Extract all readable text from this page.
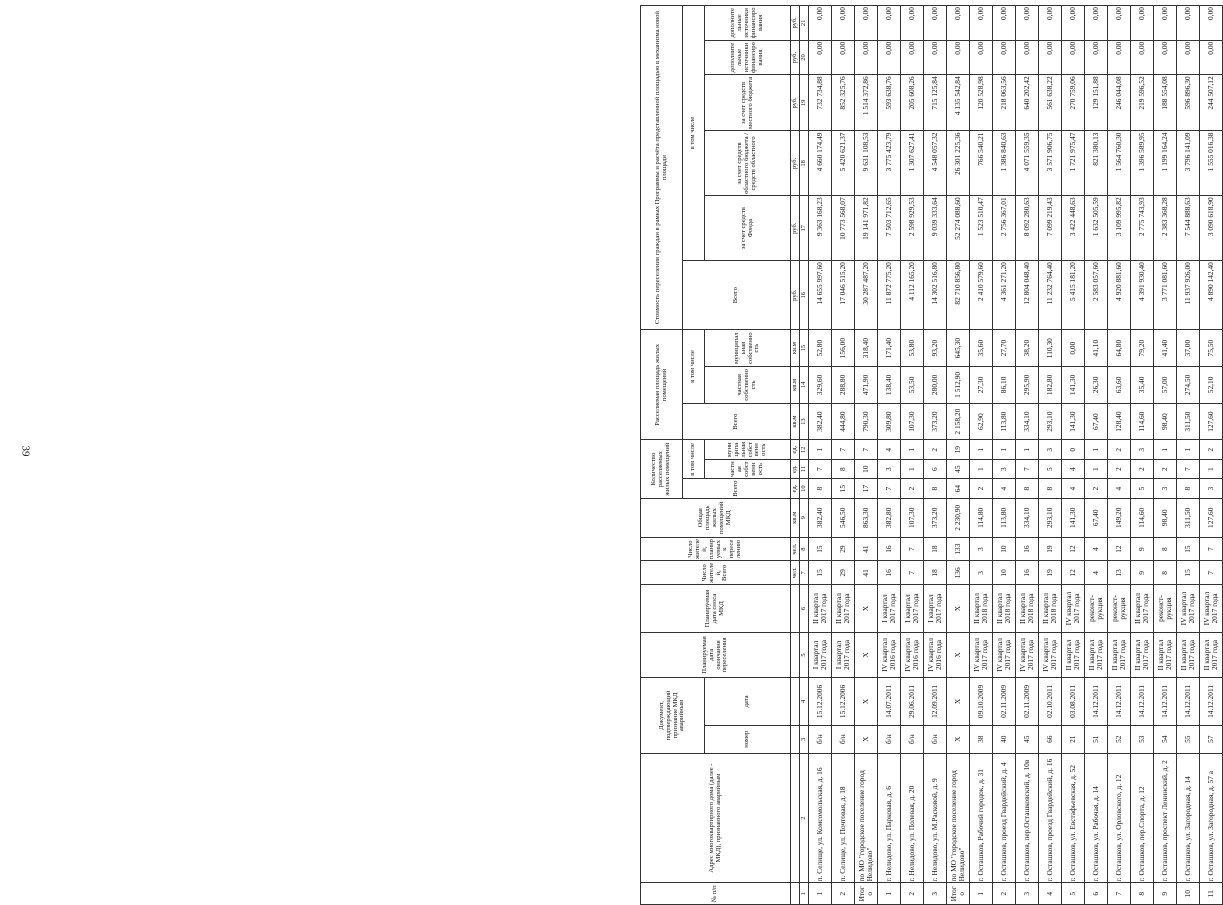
39
№ п/п	Адрес многоквартирного дома (далее - МКД), признанного аварийным	Документ, подтверждающий признание МКД аварийным		Планируемая дата окончания переселения	Планируемая дата сноса МКД	Число жителей, Всего	Число жителей, планируемых к переселению	Общая площадь жилых помещений МКД	Количество расселяемых жилых помещений			Расселяемая площадь жилых помещений			Стоимость переселения граждан в рамках Программы и расчёта представленной площадью в механизма новой площади					
									Всего	в том числе		Всего	в том числе		Всего	в том числе				
		номер	дата							частная собственность	муниципальная собственность		частная собственность	муниципальная собственность		за счет средств Фонда	за счет средств областного бюджета / средств областного	за счет средств местного бюджета	дополнительные источники финансирования	дополнительные источники финансирования
						чел.	чел.	кв.м	ед.	ед.	ед.	кв.м	кв.м	кв.м	руб.	руб.	руб.	руб.	руб.	руб.
1	2	3	4	5	6	7	8	9	10	11	12	13	14	15	16	17	18	19	20	21
1	п. Селище, ул. Комсомольская, д. 16	б/н	15.12.2006	I квартал 2017 года	II квартал 2017 года	15	15	382,40	8	7	1	382,40	329,60	52,80	14 655 997,60	9 363 168,23	4 660 174,49	732 734,88	0,00	0,00
2	п. Селище, ул. Почтовая, д. 18	б/н	15.12.2006	I квартал 2017 года	II квартал 2017 года	29	29	546,50	15	8	7	444,80	288,80	156,00	17 046 515,20	10 773 568,07	5 420 621,37	852 325,76	0,00	0,00
Итого	по МО "городское поселение город Нелидово"	X	X	X	X	41	41	863,30	17	10	7	790,30	471,90	318,40	30 287 487,20	19 141 971,82	9 631 108,53	1 514 372,86	0,00	0,00
1	г. Нелидово, ул. Парковая, д. 6	б/н	14.07.2011	IV квартал 2016 года	I квартал 2017 года	16	16	382,80	7	3	4	309,80	138,40	171,40	11 872 775,20	7 503 712,65	3 775 423,79	593 638,76	0,00	0,00
2	г. Нелидово, ул. Полевая, д. 20	б/н	29.06.2011	IV квартал 2016 года	I квартал 2017 года	7	7	107,30	2	1	1	107,30	53,50	53,80	4 112 165,20	2 598 929,53	1 307 627,41	205 608,26	0,00	0,00
3	г. Нелидово, ул. М.Расковой, д. 9	б/н	12.09.2011	IV квартал 2016 года	I квартал 2017 года	18	18	373,20	8	6	2	373,20	280,00	93,20	14 302 516,80	9 039 333,64	4 548 057,32	715 125,84	0,00	0,00
Итого	по МО "городское поселение город Нелидово"	X	X	X	X	136	133	2 230,90	64	45	19	2 158,20	1 512,90	645,30	82 710 856,80	52 274 088,60	26 301 225,36	4 135 542,84	0,00	0,00
1	г. Осташков, Рабочий городок, д. 31	38	09.10.2009	IV квартал 2017 года	II квартал 2018 года	3	3	114,80	2	1	1	62,90	27,30	35,60	2 410 579,60	1 523 510,47	766 540,21	120 528,98	0,00	0,00
2	г. Осташков, проезд Гвардейский, д. 4	40	02.11.2009	IV квартал 2017 года	II квартал 2018 года	10	10	113,80	4	3	1	113,80	86,10	27,70	4 361 271,20	2 756 367,01	1 386 840,63	218 063,56	0,00	0,00
3	г. Осташков, пер.Осташковский, д. 10в	45	02.11.2009	IV квартал 2017 года	II квартал 2018 года	16	16	334,10	8	7	1	334,10	295,90	38,20	12 804 048,40	8 092 280,63	4 071 559,35	640 202,42	0,00	0,00
4	г. Осташков, проезд Гвардейский, д. 16	66	02.10.2011	IV квартал 2017 года	II квартал 2018 года	19	19	293,10	8	5	3	293,10	182,80	110,30	11 232 764,40	7 099 219,43	3 571 906,75	561 638,22	0,00	0,00
5	г. Осташков, ул. Евстафьевская, д. 52	21	03.08.2011	II квартал 2017 года	IV квартал 2017 года	12	12	141,30	4	4	0	141,30	141,30	0,00	5 415 181,20	3 422 448,63	1 721 975,47	270 759,06	0,00	0,00
6	г. Осташков, ул. Рабочая, д. 14	51	14.12.2011	II квартал 2017 года	реконст-рукция	4	4	67,40	2	1	1	67,40	26,30	41,10	2 583 057,60	1 632 505,59	821 380,13	129 151,88	0,00	0,00
7	г. Осташков, ул. Орловского, д. 12	52	14.12.2011	II квартал 2017 года	реконст-рукция	13	12	149,20	4	2	2	128,40	63,60	64,80	4 920 881,60	3 109 995,82	1 564 760,30	246 044,08	0,00	0,00
8	г. Осташков, пер.Спорта, д. 12	53	14.12.2011	II квартал 2017 года	II квартал 2017 года	9	9	114,60	5	2	3	114,60	35,40	79,20	4 391 930,40	2 775 743,93	1 396 589,95	219 596,52	0,00	0,00
9	г. Осташков, проспект Ленинский, д. 2	54	14.12.2011	II квартал 2017 года	реконст-рукция	8	8	98,40	3	2	1	98,40	57,00	41,40	3 771 081,60	2 383 368,28	1 199 164,24	188 554,08	0,00	0,00
10	г. Осташков, ул. Загородная, д. 14	55	14.12.2011	II квартал 2017 года	IV квартал 2017 года	15	15	311,50	8	7	1	311,50	274,50	37,00	11 937 926,00	7 544 888,63	3 796 141,09	596 896,30	0,00	0,00
11	г. Осташков, ул. Загородная, д. 57 а	57	14.12.2011	II квартал 2017 года	IV квартал 2017 года	7	7	127,60	3	1	2	127,60	52,10	75,50	4 890 142,40	3 090 618,90	1 555 016,38	244 507,12	0,00	0,00
